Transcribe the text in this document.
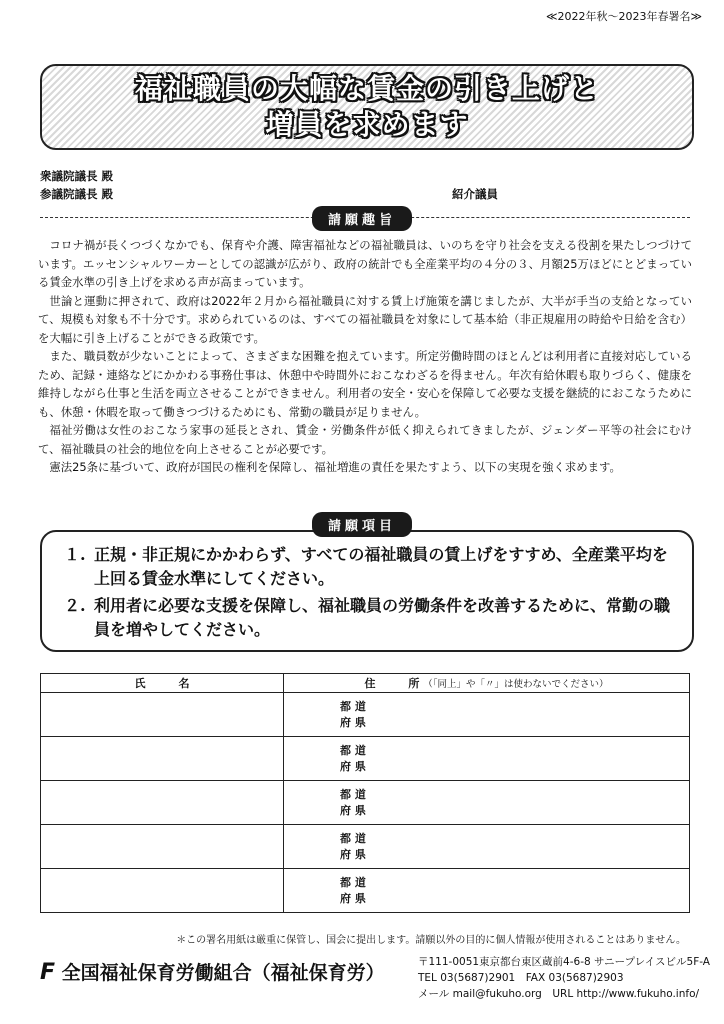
≪2022年秋〜2023年春署名≫
福祉職員の大幅な賃金の引き上げと
増員を求めます
衆議院議長 殿
参議院議長 殿	紹介議員
請願趣旨

コロナ禍が長くつづくなかでも、保育や介護、障害福祉などの福祉職員は、いのちを守り社会を支える役割を果たしつづけています。エッセンシャルワーカーとしての認識が広がり、政府の統計でも全産業平均の４分の３、月額25万ほどにとどまっている賃金水準の引き上げを求める声が高まっています。

世論と運動に押されて、政府は2022年２月から福祉職員に対する賃上げ施策を講じましたが、大半が手当の支給となっていて、規模も対象も不十分です。求められているのは、すべての福祉職員を対象にして基本給（非正規雇用の時給や日給を含む）を大幅に引き上げることができる政策です。

また、職員数が少ないことによって、さまざまな困難を抱えています。所定労働時間のほとんどは利用者に直接対応しているため、記録・連絡などにかかわる事務仕事は、休憩中や時間外におこなわざるを得ません。年次有給休暇も取りづらく、健康を維持しながら仕事と生活を両立させることができません。利用者の安全・安心を保障して必要な支援を継続的におこなうためにも、休憩・休暇を取って働きつづけるためにも、常勤の職員が足りません。

福祉労働は女性のおこなう家事の延長とされ、賃金・労働条件が低く抑えられてきましたが、ジェンダー平等の社会にむけて、福祉職員の社会的地位を向上させることが必要です。

憲法25条に基づいて、政府が国民の権利を保障し、福祉増進の責任を果たすよう、以下の実現を強く求めます。

請願項目
１. 正規・非正規にかかわらず、すべての福祉職員の賃上げをすすめ、全産業平均を上回る賃金水準にしてください。
２. 利用者に必要な支援を保障し、福祉職員の労働条件を改善するために、常勤の職員を増やしてください。
氏　　　名	住　　　所 （「同上」や「〃」は使わないでください）

	都 道
府 県

	都 道
府 県

	都 道
府 県

	都 道
府 県

	都 道
府 県
＊この署名用紙は厳重に保管し、国会に提出します。請願以外の目的に個人情報が使用されることはありません。
F 全国福祉保育労働組合（福祉保育労）	〒111-0051東京都台東区蔵前4-6-8 サニープレイスビル5F-A
TEL 03(5687)2901　FAX 03(5687)2903
メール mail@fukuho.org　URL http://www.fukuho.info/
